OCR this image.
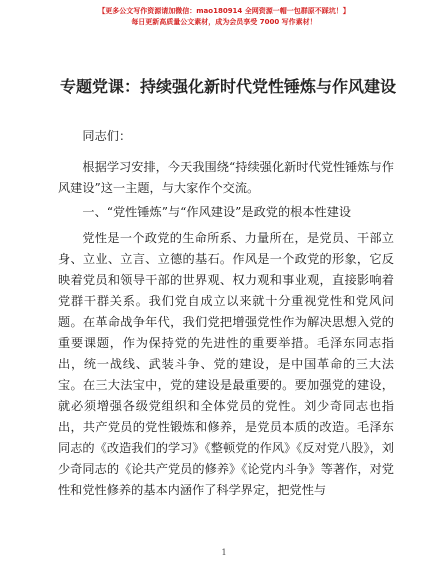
【更多公文写作资源请加微信：mao180914 全网资源一帽一包群原不踩坑！】
每日更新高质量公文素材，成为会员享受 7000 写作素材！
专题党课：持续强化新时代党性锤炼与作风建设

同志们：

根据学习安排，今天我围绕“持续强化新时代党性锤炼与作风建设”这一主题，与大家作个交流。

一、“党性锤炼”与“作风建设”是政党的根本性建设

党性是一个政党的生命所系、力量所在，是党员、干部立身、立业、立言、立德的基石。作风是一个政党的形象，它反映着党员和领导干部的世界观、权力观和事业观，直接影响着党群干群关系。我们党自成立以来就十分重视党性和党风问题。在革命战争年代，我们党把增强党性作为解决思想入党的重要课题，作为保持党的先进性的重要举措。毛泽东同志指出，统一战线、武装斗争、党的建设，是中国革命的三大法宝。在三大法宝中，党的建设是最重要的。要加强党的建设，就必须增强各级党组织和全体党员的党性。刘少奇同志也指出，共产党员的党性锻炼和修养，是党员本质的改造。毛泽东同志的《改造我们的学习》《整顿党的作风》《反对党八股》，刘少奇同志的《论共产党员的修养》《论党内斗争》等著作，对党性和党性修养的基本内涵作了科学界定，把党性与

1
